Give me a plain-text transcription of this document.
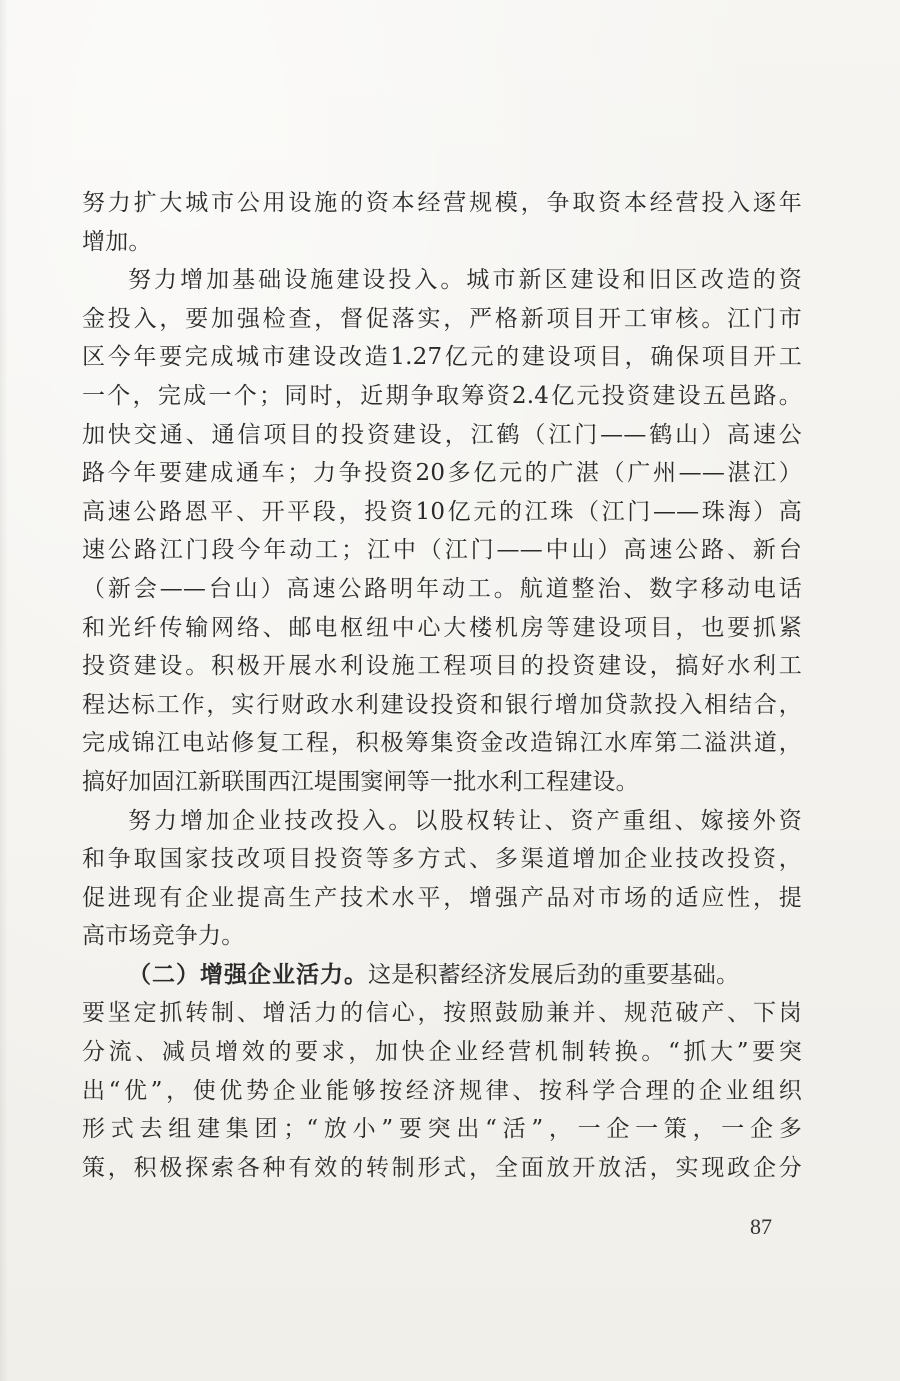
努力扩大城市公用设施的资本经营规模，争取资本经营投入逐年
增加。
努力增加基础设施建设投入。城市新区建设和旧区改造的资
金投入，要加强检查，督促落实，严格新项目开工审核。江门市
区今年要完成城市建设改造1.27亿元的建设项目，确保项目开工
一个，完成一个；同时，近期争取筹资2.4亿元投资建设五邑路。
加快交通、通信项目的投资建设，江鹤（江门——鹤山）高速公
路今年要建成通车；力争投资20多亿元的广湛（广州——湛江）
高速公路恩平、开平段，投资10亿元的江珠（江门——珠海）高
速公路江门段今年动工；江中（江门——中山）高速公路、新台
（新会——台山）高速公路明年动工。航道整治、数字移动电话
和光纤传输网络、邮电枢纽中心大楼机房等建设项目，也要抓紧
投资建设。积极开展水利设施工程项目的投资建设，搞好水利工
程达标工作，实行财政水利建设投资和银行增加贷款投入相结合，
完成锦江电站修复工程，积极筹集资金改造锦江水库第二溢洪道，
搞好加固江新联围西江堤围窦闸等一批水利工程建设。
努力增加企业技改投入。以股权转让、资产重组、嫁接外资
和争取国家技改项目投资等多方式、多渠道增加企业技改投资，
促进现有企业提高生产技术水平，增强产品对市场的适应性，提
高市场竞争力。
（二）增强企业活力。这是积蓄经济发展后劲的重要基础。
要坚定抓转制、增活力的信心，按照鼓励兼并、规范破产、下岗
分流、减员增效的要求，加快企业经营机制转换。“抓大”要突
出“优”，使优势企业能够按经济规律、按科学合理的企业组织
形式去组建集团；“放小”要突出“活”，一企一策，一企多
策，积极探索各种有效的转制形式，全面放开放活，实现政企分
87
